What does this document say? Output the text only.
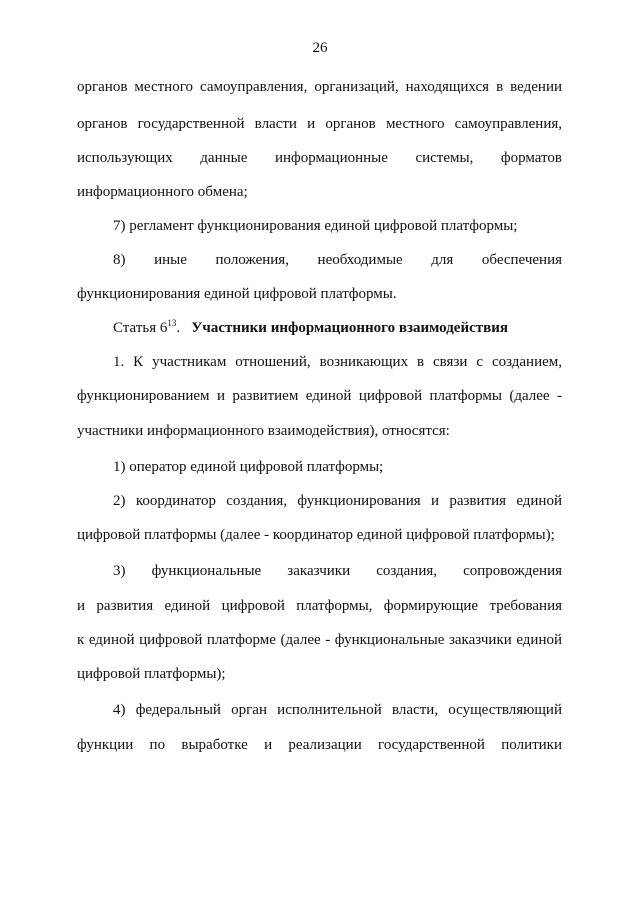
26
органов местного самоуправления, организаций, находящихся в ведении
органов государственной власти и органов местного самоуправления,
использующих данные информационные системы, форматов
информационного обмена;
7) регламент функционирования единой цифровой платформы;
8) иные положения, необходимые для обеспечения
функционирования единой цифровой платформы.
Статья $6^{13}$. Участники информационного взаимодействия
1. К участникам отношений, возникающих в связи с созданием,
функционированием и развитием единой цифровой платформы (далее -
участники информационного взаимодействия), относятся:
1) оператор единой цифровой платформы;
2) координатор создания, функционирования и развития единой
цифровой платформы (далее - координатор единой цифровой платформы);
3) функциональные заказчики создания, сопровождения
и развития единой цифровой платформы, формирующие требования
к единой цифровой платформе (далее - функциональные заказчики единой
цифровой платформы);
4) федеральный орган исполнительной власти, осуществляющий
функции по выработке и реализации государственной политики
